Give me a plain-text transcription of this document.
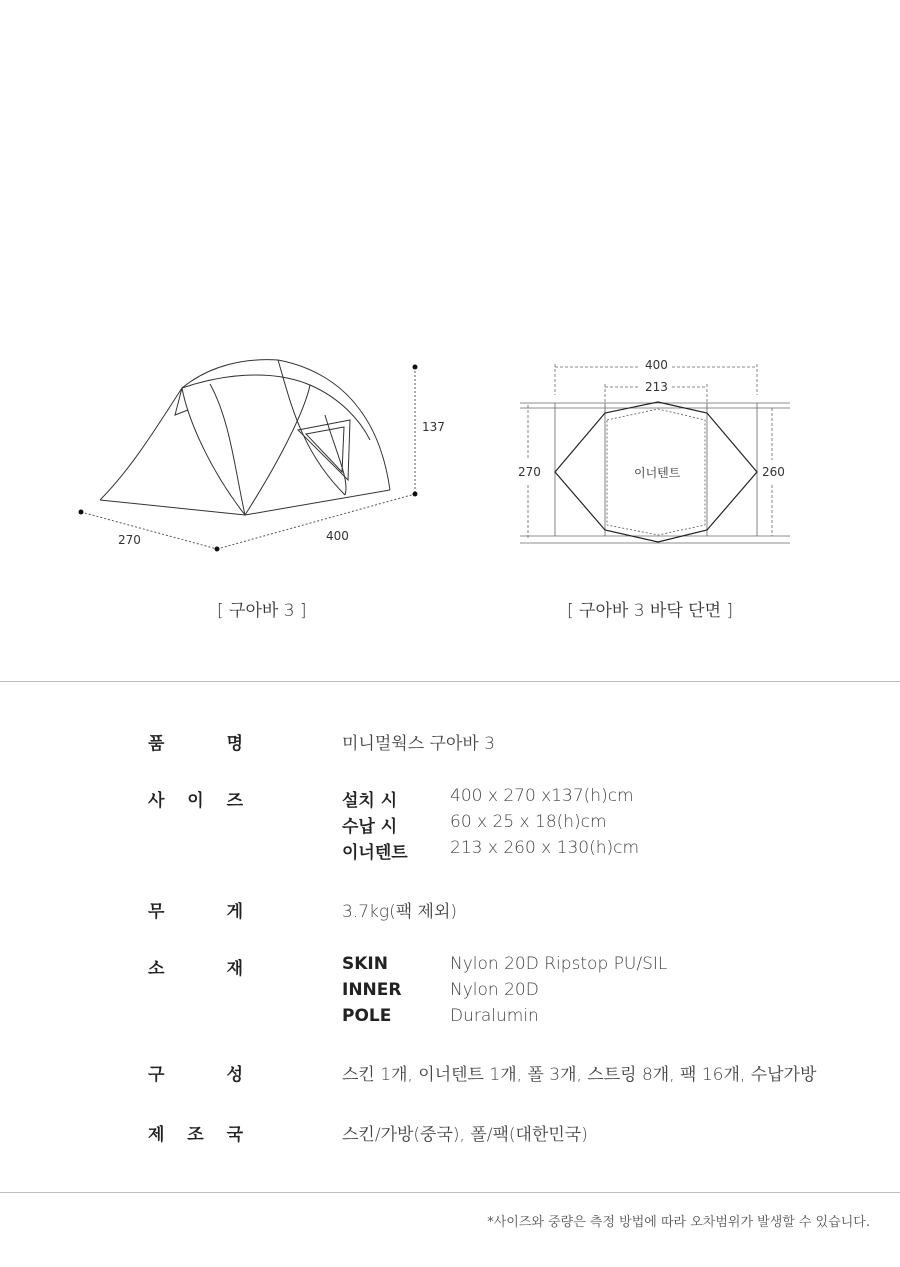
137
400
270
400
213
270	260
이너텐트
[ 구아바 3 ]	[ 구아바 3 바닥 단면 ]
품	명	미니멀웍스 구아바 3
사 이 즈	설치 시	400 x 270 x137(h)cm
수납 시	60 x 25 x 18(h)cm
이너텐트 213 x 260 x 130(h)cm
무	게	3.7kg(팩 제외)
소	재	SKIN	Nylon 20D Ripstop PU/SIL
INNER	Nylon 20D
POLE	Duralumin
구	성	스킨 1개, 이너텐트 1개, 폴 3개, 스트링 8개, 팩 16개, 수납가방
제 조 국	스킨/가방(중국), 폴/팩(대한민국)
*사이즈와 중량은 측정 방법에 따라 오차범위가 발생할 수 있습니다.
